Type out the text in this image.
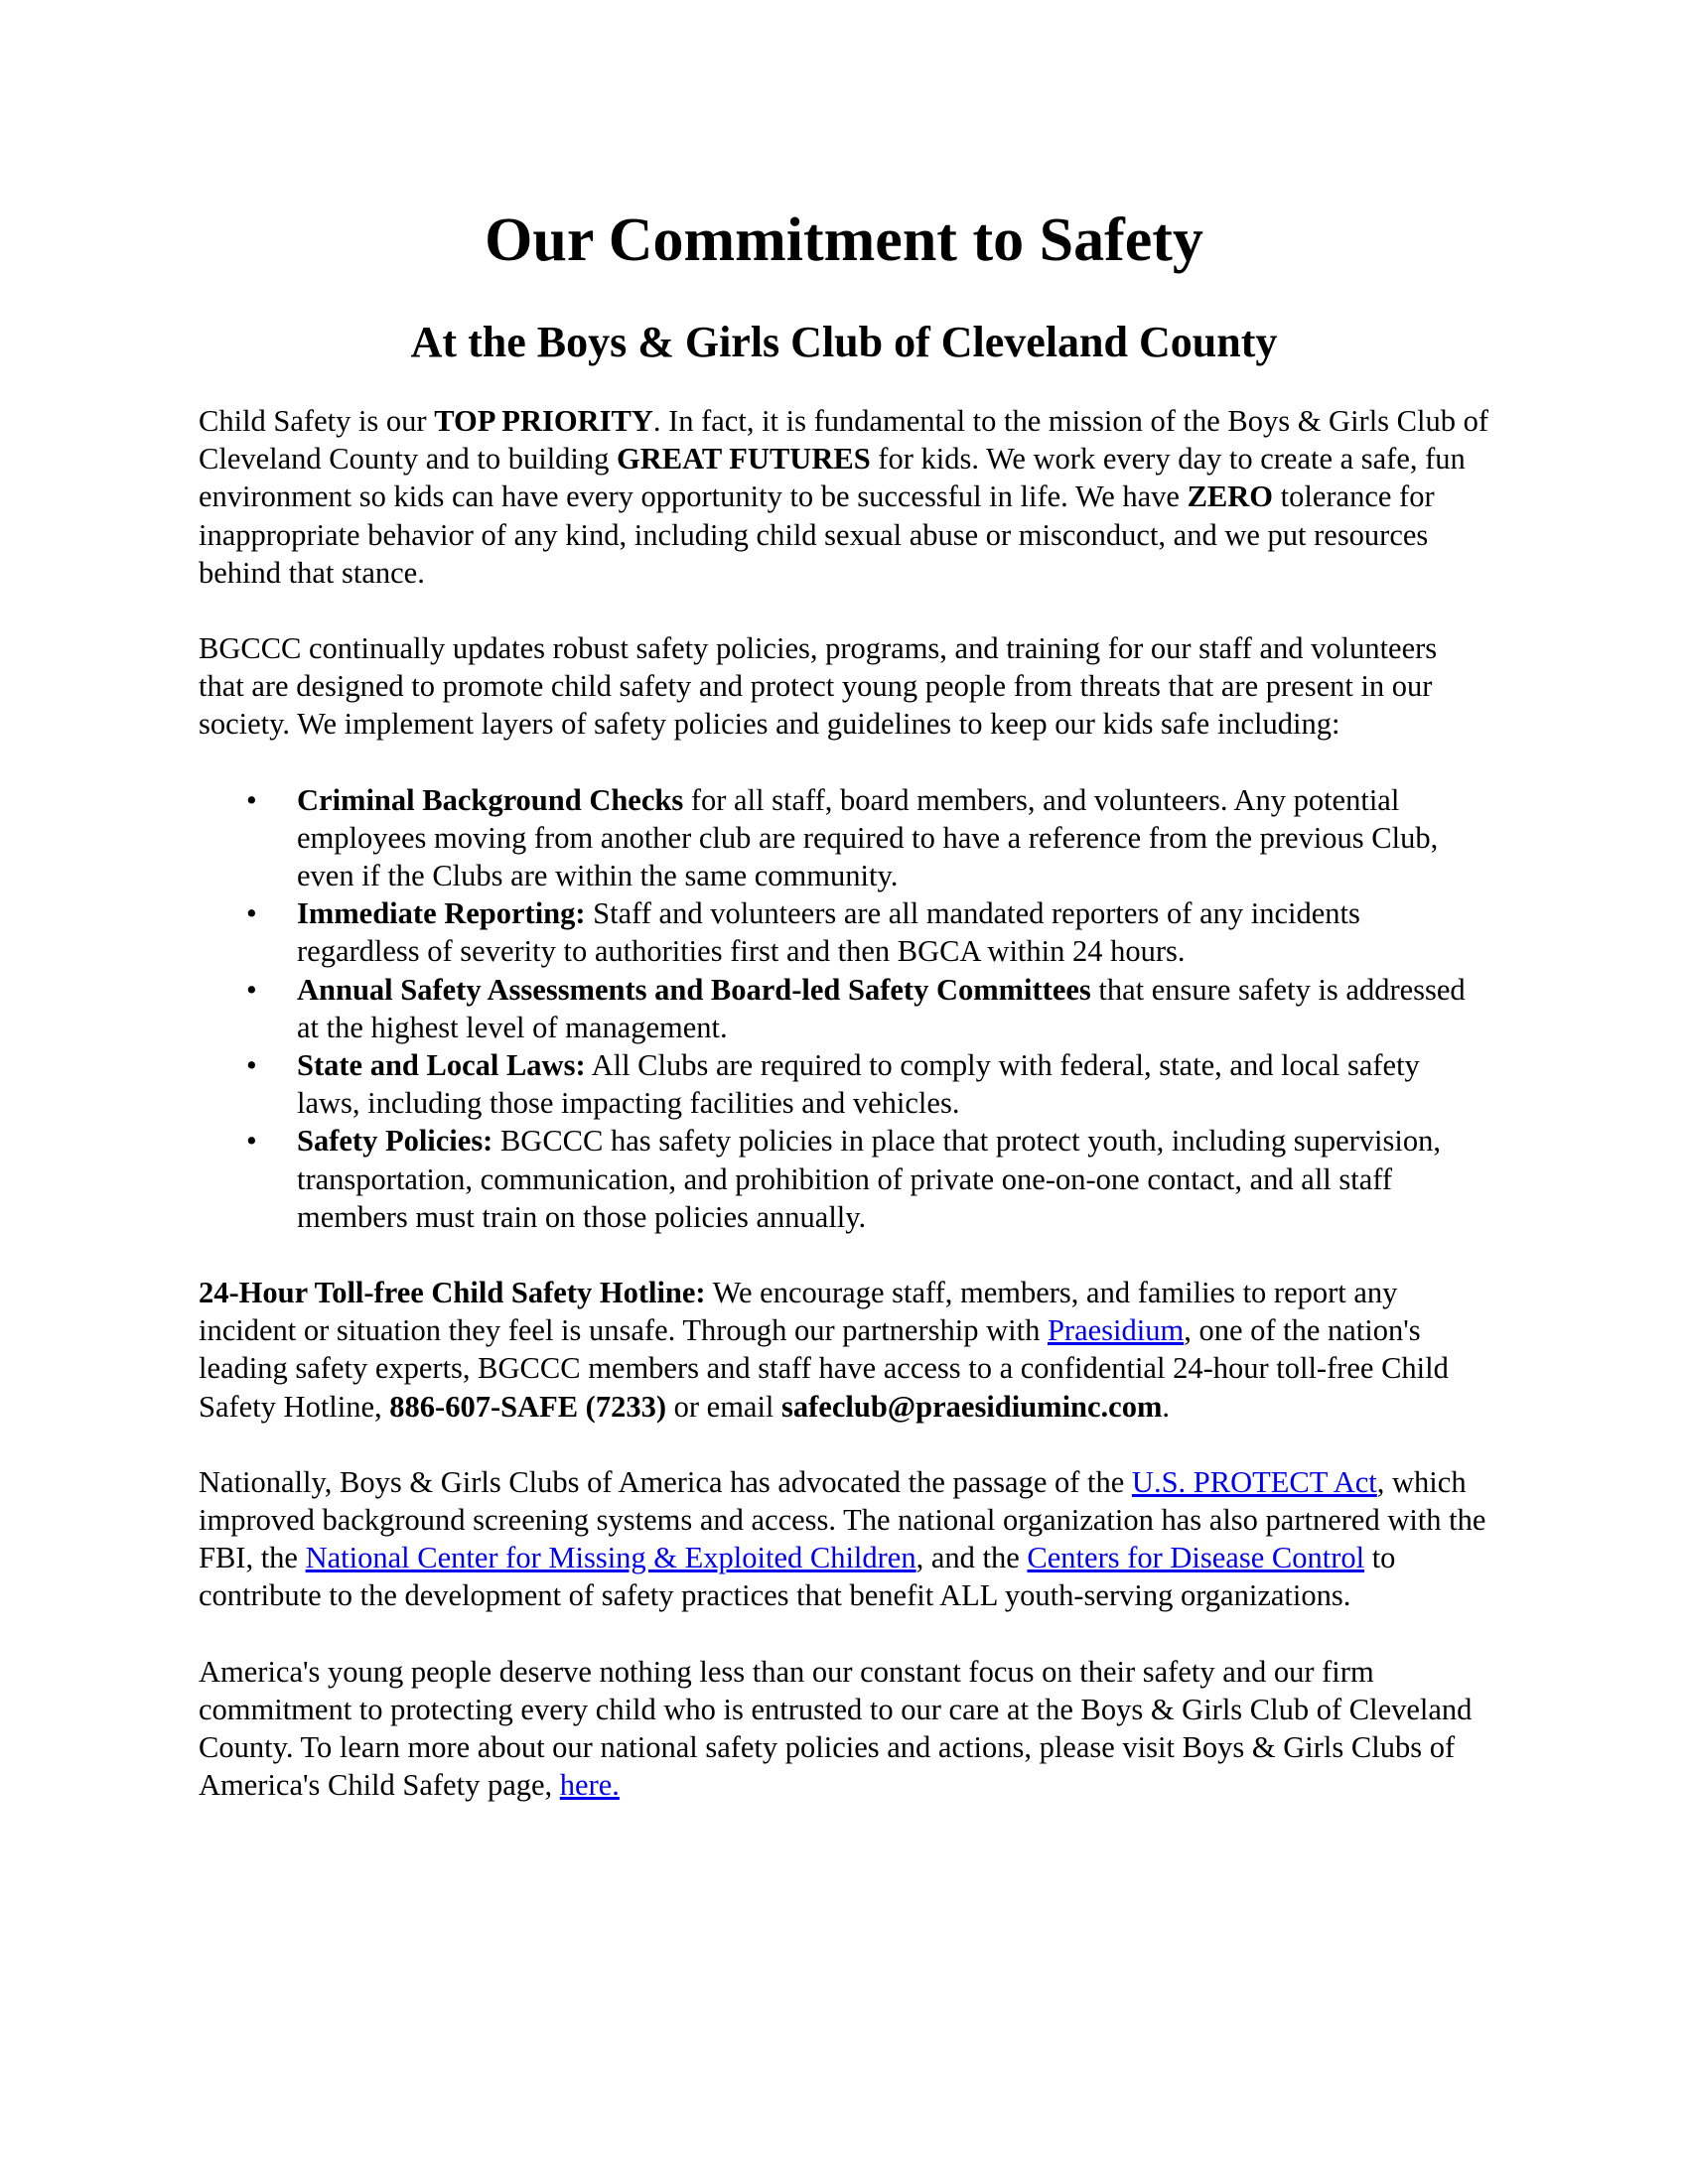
Our Commitment to Safety
At the Boys & Girls Club of Cleveland County

Child Safety is our TOP PRIORITY. In fact, it is fundamental to the mission of the Boys & Girls Club of Cleveland County and to building GREAT FUTURES for kids. We work every day to create a safe, fun environment so kids can have every opportunity to be successful in life. We have ZERO tolerance for inappropriate behavior of any kind, including child sexual abuse or misconduct, and we put resources behind that stance.

BGCCC continually updates robust safety policies, programs, and training for our staff and volunteers that are designed to promote child safety and protect young people from threats that are present in our society. We implement layers of safety policies and guidelines to keep our kids safe including:

• Criminal Background Checks for all staff, board members, and volunteers. Any potential employees moving from another club are required to have a reference from the previous Club, even if the Clubs are within the same community.
• Immediate Reporting: Staff and volunteers are all mandated reporters of any incidents regardless of severity to authorities first and then BGCA within 24 hours.
• Annual Safety Assessments and Board-led Safety Committees that ensure safety is addressed at the highest level of management.
• State and Local Laws: All Clubs are required to comply with federal, state, and local safety laws, including those impacting facilities and vehicles.
• Safety Policies: BGCCC has safety policies in place that protect youth, including supervision, transportation, communication, and prohibition of private one-on-one contact, and all staff members must train on those policies annually.

24-Hour Toll-free Child Safety Hotline: We encourage staff, members, and families to report any incident or situation they feel is unsafe. Through our partnership with Praesidium, one of the nation's leading safety experts, BGCCC members and staff have access to a confidential 24-hour toll-free Child Safety Hotline, 886-607-SAFE (7233) or email safeclub@praesidiuminc.com.

Nationally, Boys & Girls Clubs of America has advocated the passage of the U.S. PROTECT Act, which improved background screening systems and access. The national organization has also partnered with the FBI, the National Center for Missing & Exploited Children, and the Centers for Disease Control to contribute to the development of safety practices that benefit ALL youth-serving organizations.

America's young people deserve nothing less than our constant focus on their safety and our firm commitment to protecting every child who is entrusted to our care at the Boys & Girls Club of Cleveland County. To learn more about our national safety policies and actions, please visit Boys & Girls Clubs of America's Child Safety page, here.
